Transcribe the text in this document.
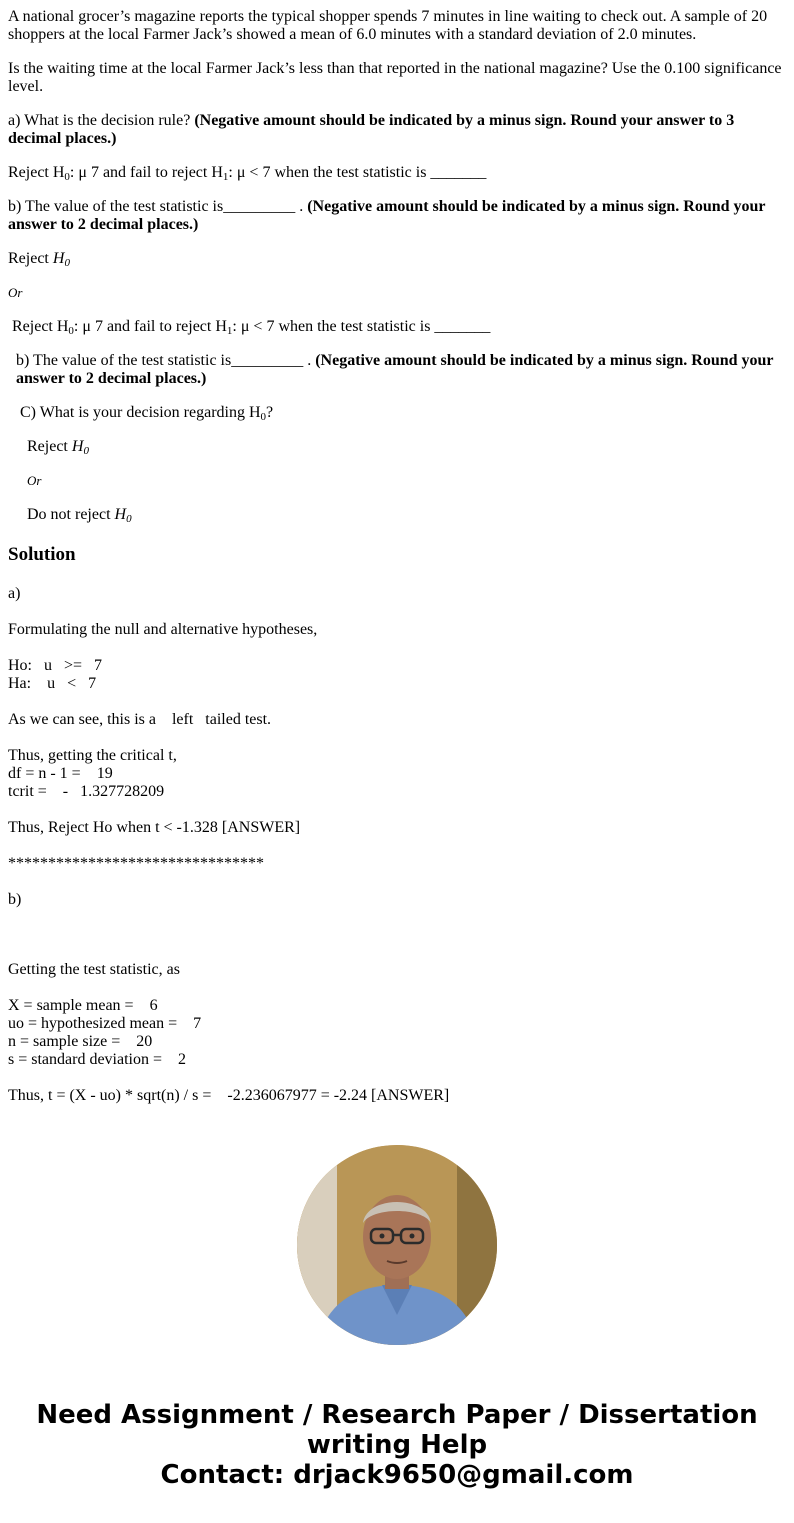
A national grocer’s magazine reports the typical shopper spends 7 minutes in line waiting to check out. A sample of 20 shoppers at the local Farmer Jack’s showed a mean of 6.0 minutes with a standard deviation of 2.0 minutes.

Is the waiting time at the local Farmer Jack’s less than that reported in the national magazine? Use the 0.100 significance level.

a) What is the decision rule? (Negative amount should be indicated by a minus sign. Round your answer to 3 decimal places.)

Reject $H_0$: μ 7 and fail to reject $H_1$: μ < 7 when the test statistic is _______

b) The value of the test statistic is_________ . (Negative amount should be indicated by a minus sign. Round your answer to 2 decimal places.)

Reject $H_0$

Or

Reject $H_0$: μ 7 and fail to reject $H_1$: μ < 7 when the test statistic is _______

b) The value of the test statistic is_________ . (Negative amount should be indicated by a minus sign. Round your answer to 2 decimal places.)

C) What is your decision regarding $H_0$?

Reject $H_0$

Or

Do not reject $H_0$

Solution

a)

Formulating the null and alternative hypotheses,

Ho:   u   >=   7
Ha:    u   <   7

As we can see, this is a    left   tailed test.

Thus, getting the critical t,
df = n - 1 =    19
tcrit =    -   1.327728209

Thus, Reject Ho when t < -1.328 [ANSWER]

********************************

b)

Getting the test statistic, as

X = sample mean =    6
uo = hypothesized mean =    7
n = sample size =    20
s = standard deviation =    2

Thus, t = (X - uo) * sqrt(n) / s =    -2.236067977 = -2.24 [ANSWER]

Need Assignment / Research Paper / Dissertation
writing Help
Contact: drjack9650@gmail.com
